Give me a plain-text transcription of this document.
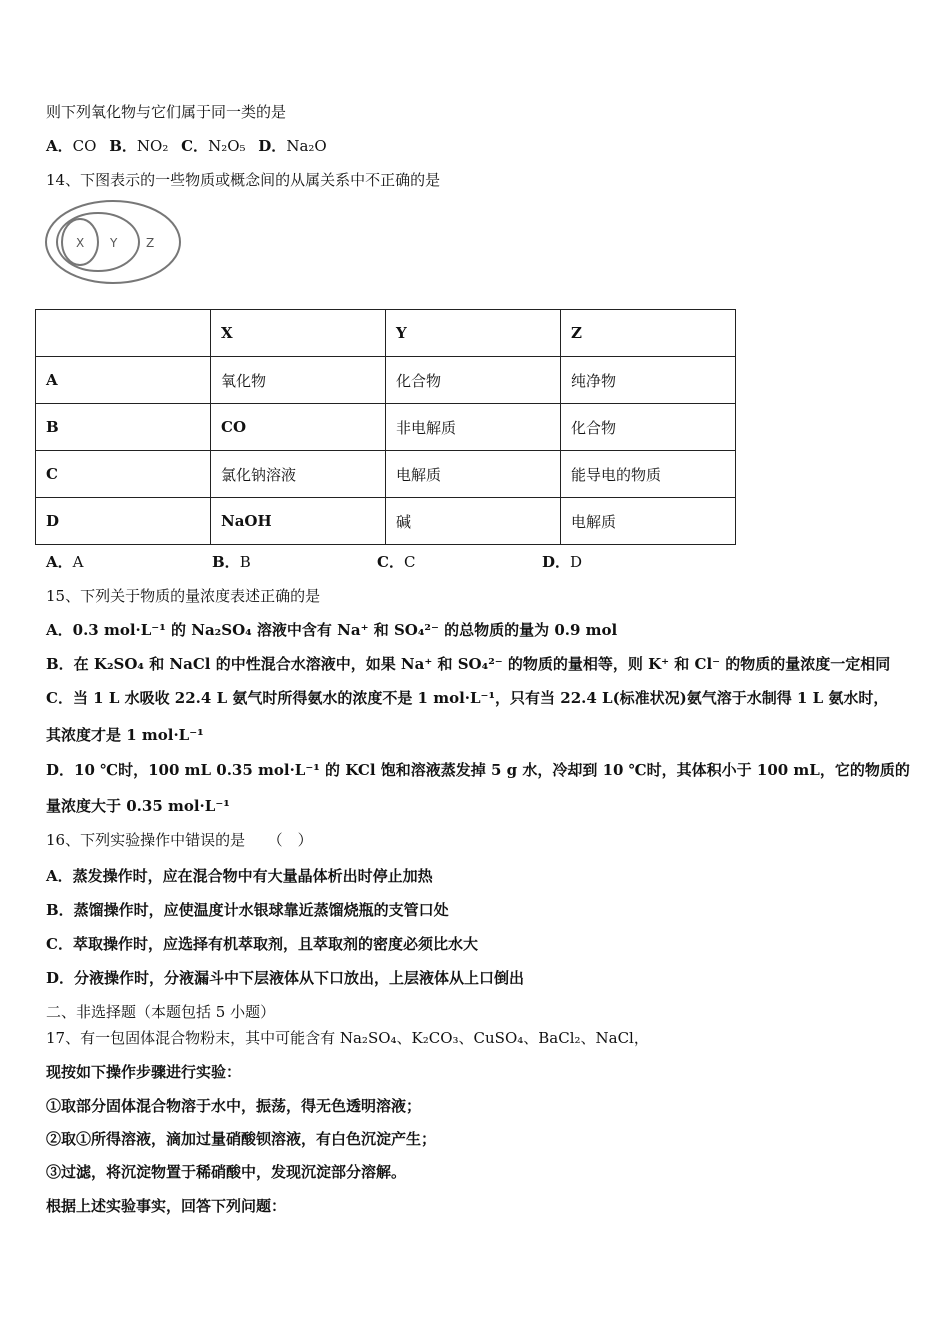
则下列氧化物与它们属于同一类的是
A．CO B．NO₂ C．N₂O₅ D．Na₂O
14、下图表示的一些物质或概念间的从属关系中不正确的是
X Y Z
	X	Y	Z
A	氧化物	化合物	纯净物
B	CO	非电解质	化合物
C	氯化钠溶液	电解质	能导电的物质
D	NaOH	碱	电解质
A．A	B．B	C．C	D．D
15、下列关于物质的量浓度表述正确的是
A．0.3 mol·L⁻¹ 的 Na₂SO₄ 溶液中含有 Na⁺ 和 SO₄²⁻ 的总物质的量为 0.9 mol
B．在 K₂SO₄ 和 NaCl 的中性混合水溶液中，如果 Na⁺ 和 SO₄²⁻ 的物质的量相等，则 K⁺ 和 Cl⁻ 的物质的量浓度一定相同
C．当 1 L 水吸收 22.4 L 氨气时所得氨水的浓度不是 1 mol·L⁻¹，只有当 22.4 L(标准状况)氨气溶于水制得 1 L 氨水时，
其浓度才是 1 mol·L⁻¹
D．10 ℃时，100 mL 0.35 mol·L⁻¹ 的 KCl 饱和溶液蒸发掉 5 g 水，冷却到 10 ℃时，其体积小于 100 mL，它的物质的
量浓度大于 0.35 mol·L⁻¹
16、下列实验操作中错误的是　　（　）
A．蒸发操作时，应在混合物中有大量晶体析出时停止加热
B．蒸馏操作时，应使温度计水银球靠近蒸馏烧瓶的支管口处
C．萃取操作时，应选择有机萃取剂，且萃取剂的密度必须比水大
D．分液操作时，分液漏斗中下层液体从下口放出，上层液体从上口倒出
二、非选择题（本题包括 5 小题）
17、有一包固体混合物粉末，其中可能含有 Na₂SO₄、K₂CO₃、CuSO₄、BaCl₂、NaCl，
现按如下操作步骤进行实验：
①取部分固体混合物溶于水中，振荡，得无色透明溶液；
②取①所得溶液，滴加过量硝酸钡溶液，有白色沉淀产生；
③过滤，将沉淀物置于稀硝酸中，发现沉淀部分溶解。
根据上述实验事实，回答下列问题：
